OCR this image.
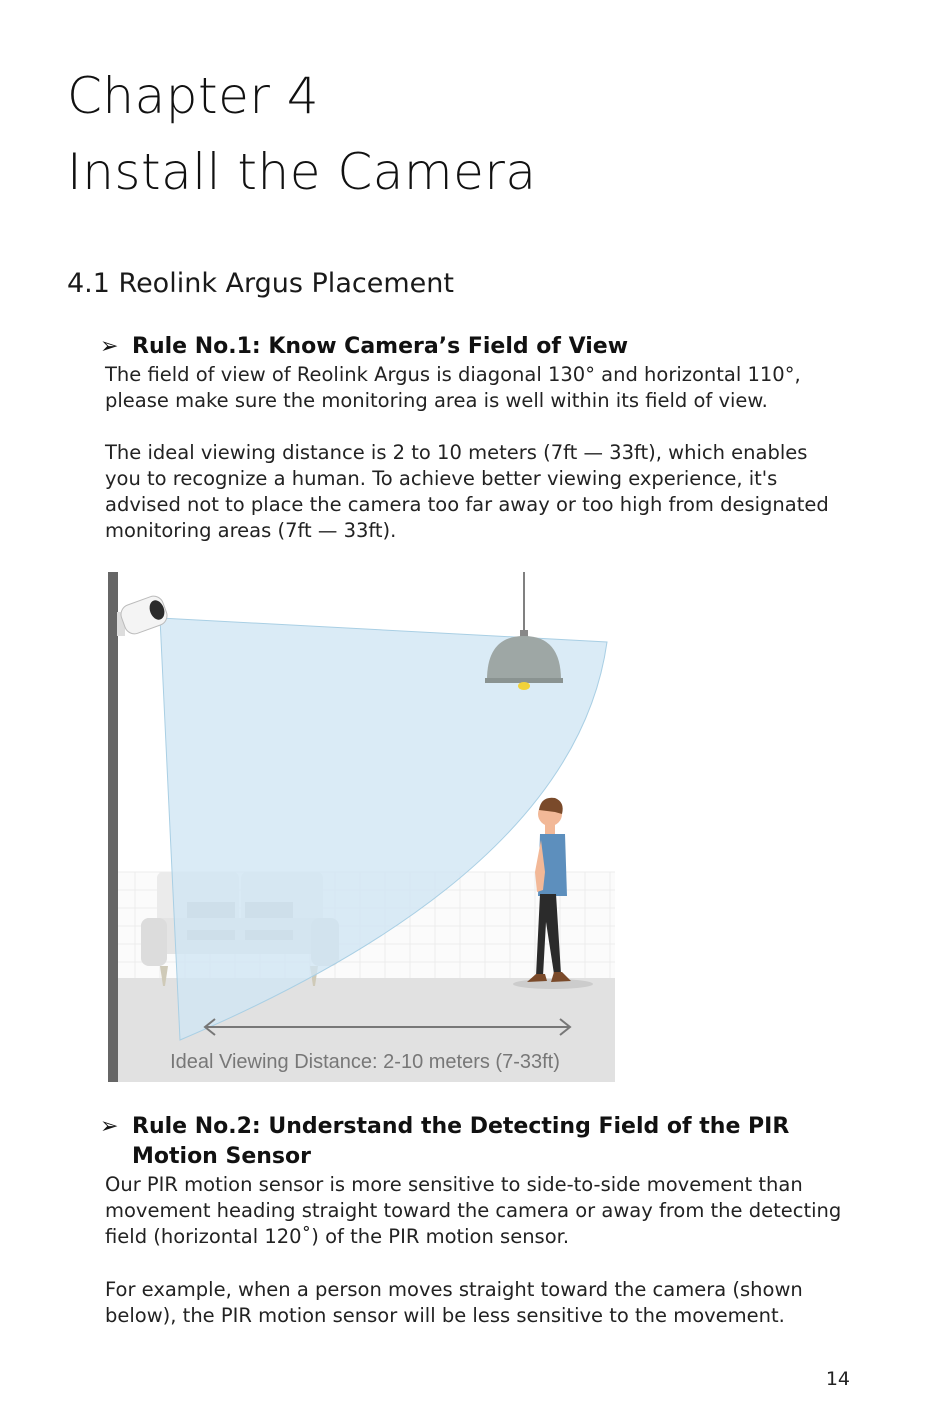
Chapter 4
Install the Camera
4.1 Reolink Argus Placement
➢ Rule No.1: Know Camera’s Field of View

The field of view of Reolink Argus is diagonal 130° and horizontal 110°, please make sure the monitoring area is well within its field of view.

The ideal viewing distance is 2 to 10 meters (7ft — 33ft), which enables you to recognize a human. To achieve better viewing experience, it's advised not to place the camera too far away or too high from designated monitoring areas (7ft — 33ft).

Ideal Viewing Distance: 2-10 meters (7-33ft)
➢ Rule No.2: Understand the Detecting Field of the PIR
Motion Sensor

Our PIR motion sensor is more sensitive to side-to-side movement than movement heading straight toward the camera or away from the detecting field (horizontal 120˚) of the PIR motion sensor.

For example, when a person moves straight toward the camera (shown below), the PIR motion sensor will be less sensitive to the movement.

14
